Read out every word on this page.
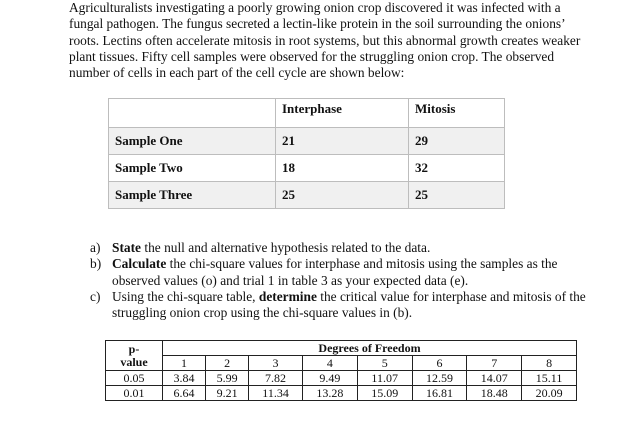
Agriculturalists investigating a poorly growing onion crop discovered it was infected with a fungal pathogen. The fungus secreted a lectin-like protein in the soil surrounding the onions’ roots. Lectins often accelerate mitosis in root systems, but this abnormal growth creates weaker plant tissues. Fifty cell samples were observed for the struggling onion crop. The observed number of cells in each part of the cell cycle are shown below:

	Interphase	Mitosis
Sample One	21	29
Sample Two	18	32
Sample Three	25	25

a) State the null and alternative hypothesis related to the data.

b) Calculate the chi-square values for interphase and mitosis using the samples as the observed values (o) and trial 1 in table 3 as your expected data (e).

c) Using the chi-square table, determine the critical value for interphase and mitosis of the struggling onion crop using the chi-square values in (b).

p-
value	Degrees of Freedom							
	1	2	3	4	5	6	7	8
0.05	3.84	5.99	7.82	9.49	11.07	12.59	14.07	15.11
0.01	6.64	9.21	11.34	13.28	15.09	16.81	18.48	20.09
